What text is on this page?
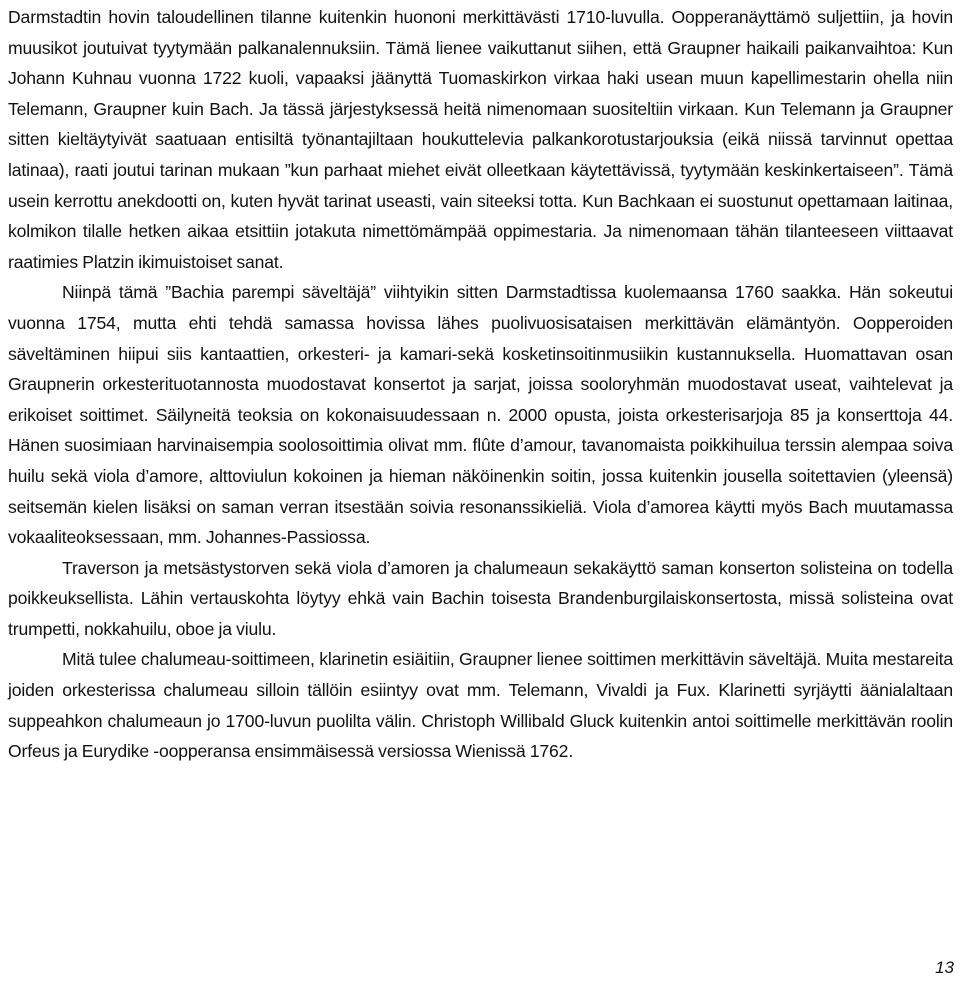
Darmstadtin hovin taloudellinen tilanne kuitenkin huononi merkittävästi 1710-luvulla. Oopperanäyttämö suljettiin, ja hovin muusikot joutuivat tyytymään palkanalennuksiin. Tämä lienee vaikuttanut siihen, että Graupner haikaili paikanvaihtoa: Kun Johann Kuhnau vuonna 1722 kuoli, vapaaksi jäänyttä Tuomaskirkon virkaa haki usean muun kapellimestarin ohella niin Telemann, Graupner kuin Bach. Ja tässä järjestyksessä heitä nimenomaan suositeltiin virkaan. Kun Telemann ja Graupner sitten kieltäytyivät saatuaan entisiltä työnantajiltaan houkuttelevia palkankorotustarjouksia (eikä niissä tarvinnut opettaa latinaa), raati joutui tarinan mukaan ”kun parhaat miehet eivät olleetkaan käytettävissä, tyytymään keskinkertaiseen”. Tämä usein kerrottu anekdootti on, kuten hyvät tarinat useasti, vain siteeksi totta. Kun Bachkaan ei suostunut opettamaan laitinaa, kolmikon tilalle hetken aikaa etsittiin jotakuta nimettömämpää oppimestaria. Ja nimenomaan tähän tilanteeseen viittaavat raatimies Platzin ikimuistoiset sanat.

Niinpä tämä ”Bachia parempi säveltäjä” viihtyikin sitten Darmstadtissa kuolemaansa 1760 saakka. Hän sokeutui vuonna 1754, mutta ehti tehdä samassa hovissa lähes puolivuosisataisen merkittävän elämäntyön. Oopperoiden säveltäminen hiipui siis kantaattien, orkesteri- ja kamari-sekä kosketinsoitinmusiikin kustannuksella. Huomattavan osan Graupnerin orkesterituotannosta muodostavat konsertot ja sarjat, joissa sooloryhmän muodostavat useat, vaihtelevat ja erikoiset soittimet. Säilyneitä teoksia on kokonaisuudessaan n. 2000 opusta, joista orkesterisarjoja 85 ja konserttoja 44. Hänen suosimiaan harvinaisempia soolosoittimia olivat mm. flûte d’amour, tavanomaista poikkihuilua terssin alempaa soiva huilu sekä viola d’amore, alttoviulun kokoinen ja hieman näköinenkin soitin, jossa kuitenkin jousella soitettavien (yleensä) seitsemän kielen lisäksi on saman verran itsestään soivia resonanssikieliä. Viola d’amorea käytti myös Bach muutamassa vokaaliteoksessaan, mm. Johannes-Passiossa.

Traverson ja metsästystorven sekä viola d’amoren ja chalumeaun sekakäyttö saman konserton solisteina on todella poikkeuksellista. Lähin vertauskohta löytyy ehkä vain Bachin toisesta Brandenburgilaiskonsertosta, missä solisteina ovat trumpetti, nokkahuilu, oboe ja viulu.

Mitä tulee chalumeau-soittimeen, klarinetin esiäitiin, Graupner lienee soittimen merkittävin säveltäjä. Muita mestareita joiden orkesterissa chalumeau silloin tällöin esiintyy ovat mm. Telemann, Vivaldi ja Fux. Klarinetti syrjäytti äänialaltaan suppeahkon chalumeaun jo 1700-luvun puolilta välin. Christoph Willibald Gluck kuitenkin antoi soittimelle merkittävän roolin Orfeus ja Eurydike -oopperansa ensimmäisessä versiossa Wienissä 1762.

13
